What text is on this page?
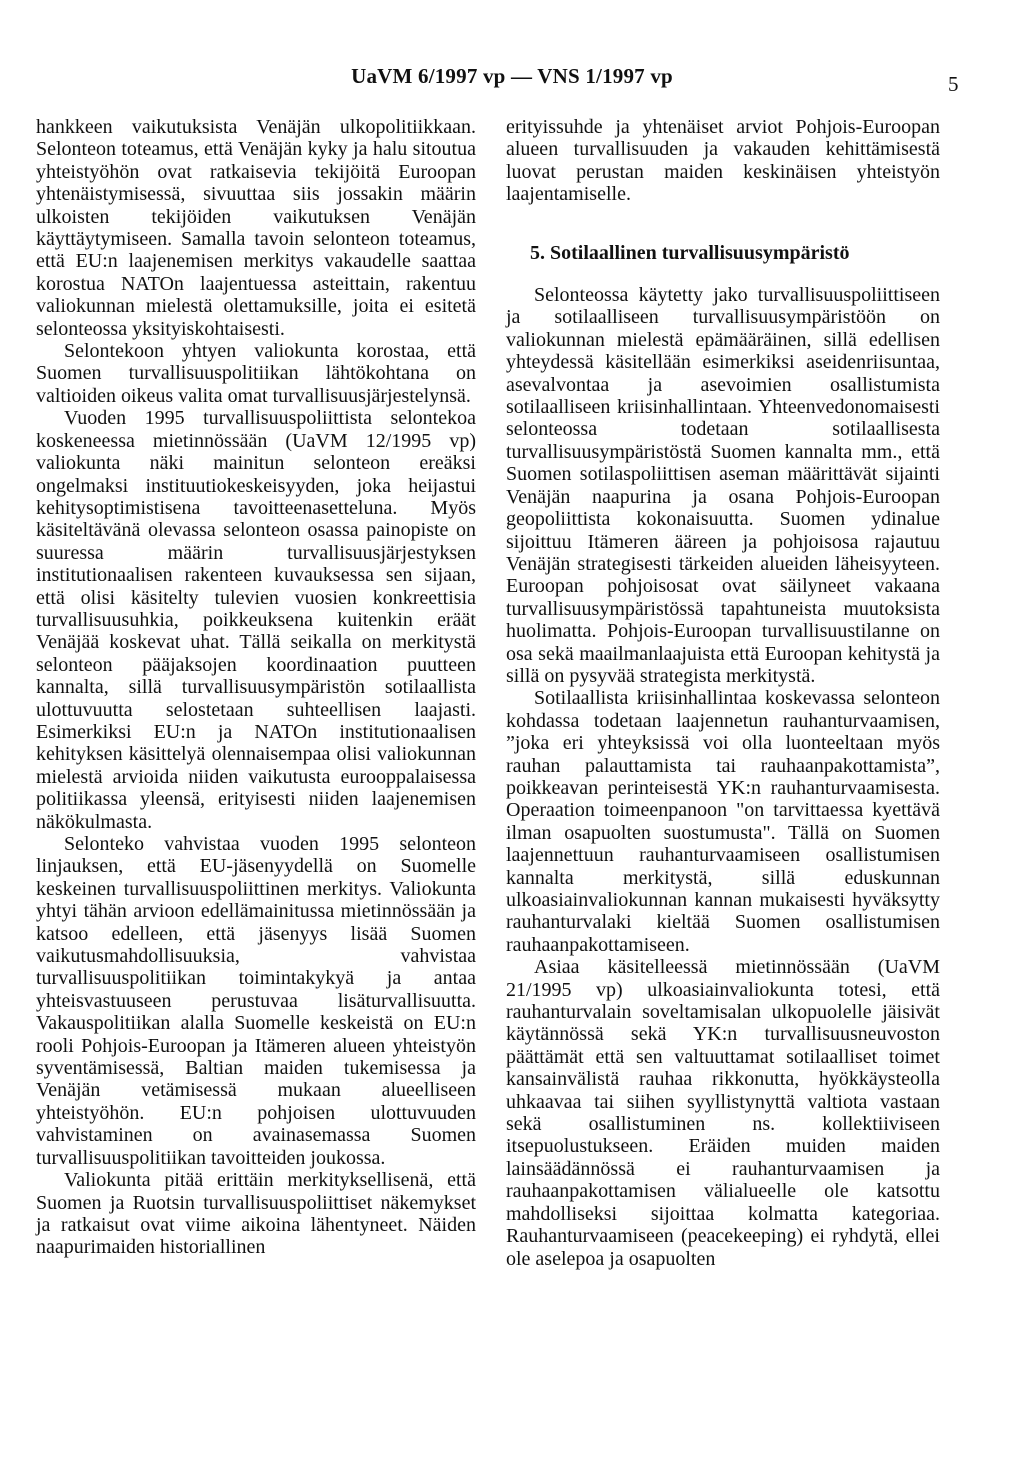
UaVM 6/1997 vp — VNS 1/1997 vp	5

hankkeen vaikutuksista Venäjän ulkopolitiikkaan. Selonteon toteamus, että Venäjän kyky ja halu sitoutua yhteistyöhön ovat ratkaisevia tekijöitä Euroopan yhtenäistymisessä, sivuuttaa siis jossakin määrin ulkoisten tekijöiden vaikutuksen Venäjän käyttäytymiseen. Samalla tavoin selonteon toteamus, että EU:n laajenemisen merkitys vakaudelle saattaa korostua NATOn laajentuessa asteittain, rakentuu valiokunnan mielestä olettamuksille, joita ei esitetä selonteossa yksityiskohtaisesti.

Selontekoon yhtyen valiokunta korostaa, että Suomen turvallisuuspolitiikan lähtökohtana on valtioiden oikeus valita omat turvallisuusjärjestelynsä.

Vuoden 1995 turvallisuuspoliittista selontekoa koskeneessa mietinnössään (UaVM 12/1995 vp) valiokunta näki mainitun selonteon ereäksi ongelmaksi instituutiokeskeisyyden, joka heijastui kehitysoptimistisena tavoitteenasetteluna. Myös käsiteltävänä olevassa selonteon osassa painopiste on suuressa määrin turvallisuusjärjestyksen institutionaalisen rakenteen kuvauksessa sen sijaan, että olisi käsitelty tulevien vuosien konkreettisia turvallisuusuhkia, poikkeuksena kuitenkin eräät Venäjää koskevat uhat. Tällä seikalla on merkitystä selonteon pääjaksojen koordinaation puutteen kannalta, sillä turvallisuusympäristön sotilaallista ulottuvuutta selostetaan suhteellisen laajasti. Esimerkiksi EU:n ja NATOn institutionaalisen kehityksen käsittelyä olennaisempaa olisi valiokunnan mielestä arvioida niiden vaikutusta eurooppalaisessa politiikassa yleensä, erityisesti niiden laajenemisen näkökulmasta.

Selonteko vahvistaa vuoden 1995 selonteon linjauksen, että EU-jäsenyydellä on Suomelle keskeinen turvallisuuspoliittinen merkitys. Valiokunta yhtyi tähän arvioon edellämainitussa mietinnössään ja katsoo edelleen, että jäsenyys lisää Suomen vaikutusmahdollisuuksia, vahvistaa turvallisuuspolitiikan toimintakykyä ja antaa yhteisvastuuseen perustuvaa lisäturvallisuutta. Vakauspolitiikan alalla Suomelle keskeistä on EU:n rooli Pohjois-Euroopan ja Itämeren alueen yhteistyön syventämisessä, Baltian maiden tukemisessa ja Venäjän vetämisessä mukaan alueelliseen yhteistyöhön. EU:n pohjoisen ulottuvuuden vahvistaminen on avainasemassa Suomen turvallisuuspolitiikan tavoitteiden joukossa.

Valiokunta pitää erittäin merkityksellisenä, että Suomen ja Ruotsin turvallisuuspoliittiset näkemykset ja ratkaisut ovat viime aikoina lähentyneet. Näiden naapurimaiden historiallinen

erityissuhde ja yhtenäiset arviot Pohjois-Euroopan alueen turvallisuuden ja vakauden kehittämisestä luovat perustan maiden keskinäisen yhteistyön laajentamiselle.

5. Sotilaallinen turvallisuusympäristö

Selonteossa käytetty jako turvallisuuspoliittiseen ja sotilaalliseen turvallisuusympäristöön on valiokunnan mielestä epämääräinen, sillä edellisen yhteydessä käsitellään esimerkiksi aseidenriisuntaa, asevalvontaa ja asevoimien osallistumista sotilaalliseen kriisinhallintaan. Yhteenvedonomaisesti selonteossa todetaan sotilaallisesta turvallisuusympäristöstä Suomen kannalta mm., että Suomen sotilaspoliittisen aseman määrittävät sijainti Venäjän naapurina ja osana Pohjois-Euroopan geopoliittista kokonaisuutta. Suomen ydinalue sijoittuu Itämeren ääreen ja pohjoisosa rajautuu Venäjän strategisesti tärkeiden alueiden läheisyyteen. Euroopan pohjoisosat ovat säilyneet vakaana turvallisuusympäristössä tapahtuneista muutoksista huolimatta. Pohjois-Euroopan turvallisuustilanne on osa sekä maailmanlaajuista että Euroopan kehitystä ja sillä on pysyvää strategista merkitystä.

Sotilaallista kriisinhallintaa koskevassa selonteon kohdassa todetaan laajennetun rauhanturvaamisen, ”joka eri yhteyksissä voi olla luonteeltaan myös rauhan palauttamista tai rauhaanpakottamista”, poikkeavan perinteisestä YK:n rauhanturvaamisesta. Operaation toimeenpanoon "on tarvittaessa kyettävä ilman osapuolten suostumusta". Tällä on Suomen laajennettuun rauhanturvaamiseen osallistumisen kannalta merkitystä, sillä eduskunnan ulkoasiainvaliokunnan kannan mukaisesti hyväksytty rauhanturvalaki kieltää Suomen osallistumisen rauhaanpakottamiseen.

Asiaa käsitelleessä mietinnössään (UaVM 21/1995 vp) ulkoasiainvaliokunta totesi, että rauhanturvalain soveltamisalan ulkopuolelle jäisivät käytännössä sekä YK:n turvallisuusneuvoston päättämät että sen valtuuttamat sotilaalliset toimet kansainvälistä rauhaa rikkonutta, hyökkäysteolla uhkaavaa tai siihen syyllistynyttä valtiota vastaan sekä osallistuminen ns. kollektiiviseen itsepuolustukseen. Eräiden muiden maiden lainsäädännössä ei rauhanturvaamisen ja rauhaanpakottamisen välialueelle ole katsottu mahdolliseksi sijoittaa kolmatta kategoriaa. Rauhanturvaamiseen (peacekeeping) ei ryhdytä, ellei ole aselepoa ja osapuolten
